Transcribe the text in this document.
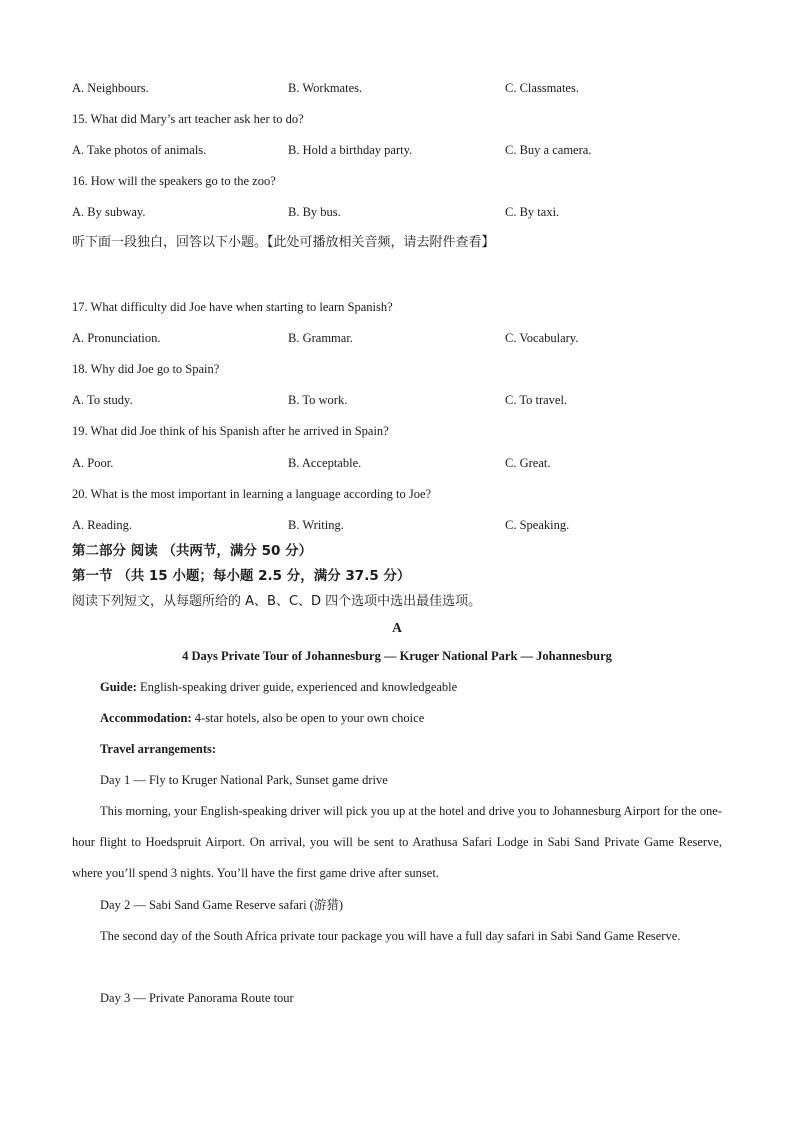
A. Neighbours.	B. Workmates.	C. Classmates.
15. What did Mary’s art teacher ask her to do?
A. Take photos of animals.	B. Hold a birthday party.	C. Buy a camera.
16. How will the speakers go to the zoo?
A. By subway.	B. By bus.	C. By taxi.
听下面一段独白，回答以下小题。【此处可播放相关音频，请去附件查看】
17. What difficulty did Joe have when starting to learn Spanish?
A. Pronunciation.	B. Grammar.	C. Vocabulary.
18. Why did Joe go to Spain?
A. To study.	B. To work.	C. To travel.
19. What did Joe think of his Spanish after he arrived in Spain?
A. Poor.	B. Acceptable.	C. Great.
20. What is the most important in learning a language according to Joe?
A. Reading.	B. Writing.	C. Speaking.
第二部分 阅读 （共两节，满分 50 分）
第一节 （共 15 小题；每小题 2.5 分，满分 37.5 分）
阅读下列短文，从每题所给的 A、B、C、D 四个选项中选出最佳选项。
A
4 Days Private Tour of Johannesburg — Kruger National Park — Johannesburg
Guide: English-speaking driver guide, experienced and knowledgeable
Accommodation: 4-star hotels, also be open to your own choice
Travel arrangements:
Day 1 — Fly to Kruger National Park, Sunset game drive
This morning, your English-speaking driver will pick you up at the hotel and drive you to Johannesburg Airport for the one-hour flight to Hoedspruit Airport. On arrival, you will be sent to Arathusa Safari Lodge in Sabi Sand Private Game Reserve, where you’ll spend 3 nights. You’ll have the first game drive after sunset.
Day 2 — Sabi Sand Game Reserve safari (游猎)
The second day of the South Africa private tour package you will have a full day safari in Sabi Sand Game Reserve.
Day 3 — Private Panorama Route tour
